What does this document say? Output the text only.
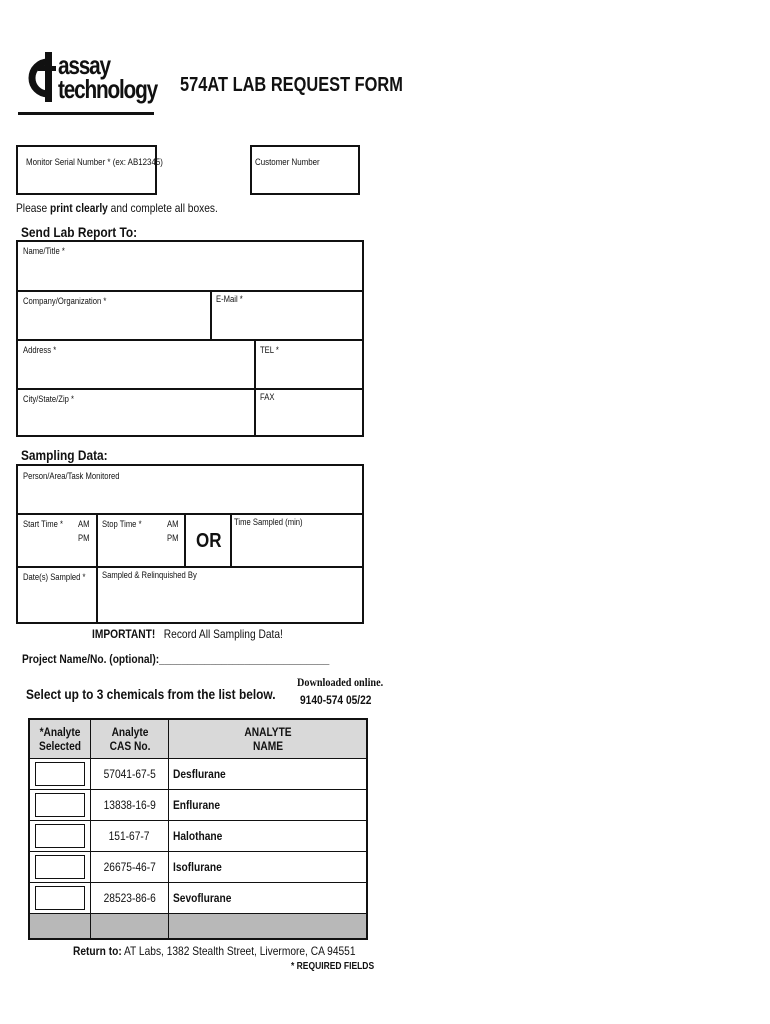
assay
technology 574AT LAB REQUEST FORM
Monitor Serial Number * (ex: AB12345)	Customer Number
Please print clearly and complete all boxes.
Send Lab Report To:
Name/Title *
Company/Organization *	E-Mail *
Address *	TEL *
City/State/Zip *	FAX
Sampling Data:
Person/Area/Task Monitored
Start Time * AM
PM
Stop Time *	AM
PM OR
Time Sampled (min)
Date(s) Sampled * Sampled & Relinquished By
IMPORTANT! Record All Sampling Data!
Project Name/No. (optional):______________________________
Downloaded online.
9140-574 05/22
Select up to 3 chemicals from the list below.
*Analyte Selected	Analyte CAS No.	ANALYTE NAME

	57041-67-5	Desflurane

	13838-16-9	Enflurane

	151-67-7	Halothane

	26675-46-7	Isoflurane

	28523-86-6	Sevoflurane

Return to: AT Labs, 1382 Stealth Street, Livermore, CA 94551
* REQUIRED FIELDS
